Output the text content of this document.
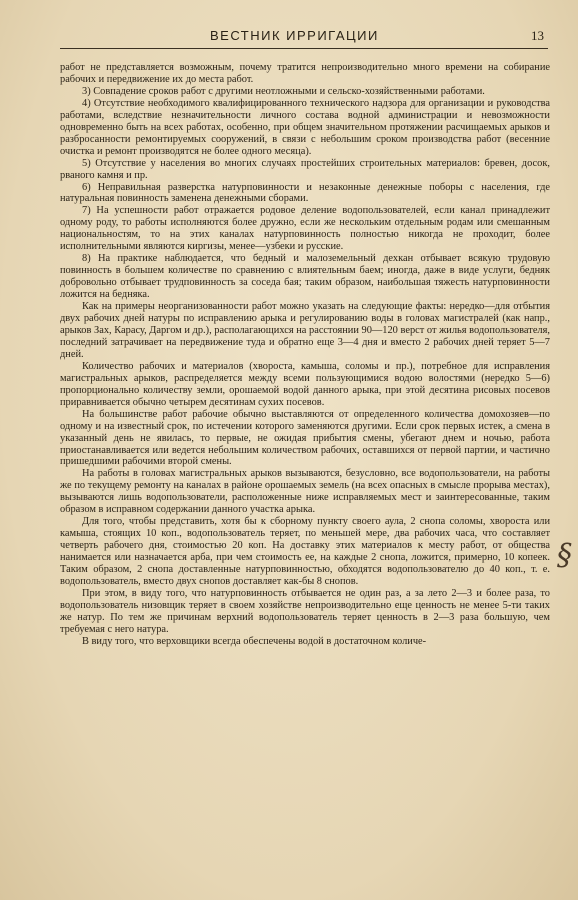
ВЕСТНИК ИРРИГАЦИИ	13

работ не представляется возможным, почему тратится непроизводительно много времени на собирание рабочих и передвижение их до места работ.

3) Совпадение сроков работ с другими неотложными и сельско-хозяйственными работами.

4) Отсутствие необходимого квалифицированного технического надзора для организации и руководства работами, вследствие незначительности личного состава водной администрации и невозможности одновременно быть на всех работах, особенно, при общем значительном протяжении расчищаемых арыков и разбросанности ремонтируемых сооружений, в связи с небольшим сроком производства работ (весенние очистка и ремонт производятся не более одного месяца).

5) Отсутствие у населения во многих случаях простейших строительных материалов: бревен, досок, рваного камня и пр.

6) Неправильная разверстка натурповинности и незаконные денежные поборы с населения, где натуральная повинность заменена денежными сборами.

7) На успешности работ отражается родовое деление водопользователей, если канал принадлежит одному роду, то работы исполняются более дружно, если же нескольким отдельным родам или смешанным национальностям, то на этих каналах натурповинность полностью никогда не проходит, более исполнительными являются киргизы, менее—узбеки и русские.

8) На практике наблюдается, что бедный и малоземельный дехкан отбывает всякую трудовую повинность в большем количестве по сравнению с влиятельным баем; иногда, даже в виде услуги, бедняк добровольно отбывает трудповинность за соседа бая; таким образом, наибольшая тяжесть натурповинности ложится на бедняка.

Как на примеры неорганизованности работ можно указать на следующие факты: нередко—для отбытия двух рабочих дней натуры по исправлению арыка и регулированию воды в головах магистралей (как напр., арыков Зах, Карасу, Даргом и др.), располагающихся на расстоянии 90—120 верст от жилья водопользователя, последний затрачивает на передвижение туда и обратно еще 3—4 дня и вместо 2 рабочих дней теряет 5—7 дней.

Количество рабочих и материалов (хвороста, камыша, соломы и пр.), потребное для исправления магистральных арыков, распределяется между всеми пользующимися водою волостями (нередко 5—6) пропорционально количеству земли, орошаемой водой данного арыка, при этой десятина рисовых посевов приравнивается обычно четырем десятинам сухих посевов.

На большинстве работ рабочие обычно выставляются от определенного количества домохозяев—по одному и на известный срок, по истечении которого заменяются другими. Если срок первых истек, а смена в указанный день не явилась, то первые, не ожидая прибытия смены, убегают днем и ночью, работа приостанавливается или ведется небольшим количеством рабочих, оставшихся от первой партии, и частично пришедшими рабочими второй смены.

На работы в головах магистральных арыков вызываются, безусловно, все водопользователи, на работы же по текущему ремонту на каналах в районе орошаемых земель (на всех опасных в смысле прорыва местах), вызываются лишь водопользователи, расположенные ниже исправляемых мест и заинтересованные, таким образом в исправном содержании данного участка арыка.

Для того, чтобы представить, хотя бы к сборному пункту своего аула, 2 снопа соломы, хвороста или камыша, стоящих 10 коп., водопользователь теряет, по меньшей мере, два рабочих часа, что составляет четверть рабочего дня, стоимостью 20 коп. На доставку этих материалов к месту работ, от общества нанимается или назначается арба, при чем стоимость ее, на каждые 2 снопа, ложится, примерно, 10 копеек. Таким образом, 2 снопа доставленные натурповинностью, обходятся водопользователю до 40 коп., т. е. водопользователь, вместо двух снопов доставляет как-бы 8 снопов.

При этом, в виду того, что натурповинность отбывается не один раз, а за лето 2—3 и более раза, то водопользователь низовщик теряет в своем хозяйстве непроизводительно еще ценность не менее 5-ти таких же натур. По тем же причинам верхний водопользователь теряет ценность в 2—3 раза большую, чем требуемая с него натура.

В виду того, что верховщики всегда обеспечены водой в достаточном количе-

§
